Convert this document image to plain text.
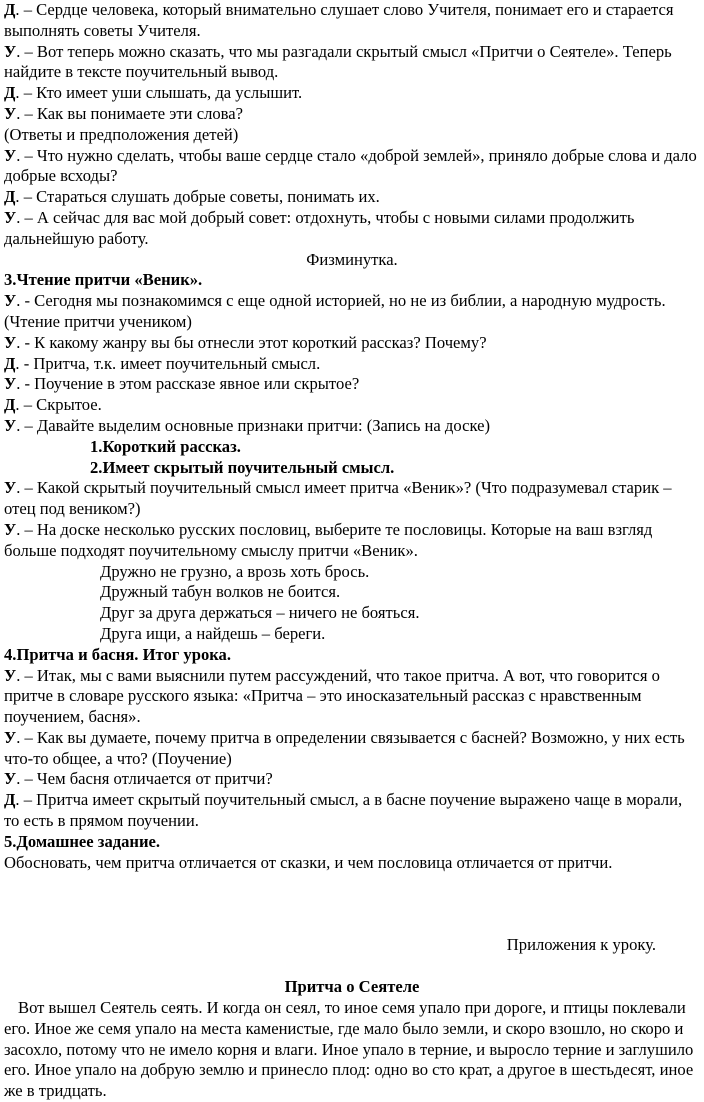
Д. – Сердце человека, который внимательно слушает слово Учителя, понимает его и старается выполнять советы Учителя.

У. – Вот теперь можно сказать, что мы разгадали скрытый смысл «Притчи о Сеятеле». Теперь найдите в тексте поучительный вывод.

Д. – Кто имеет уши слышать, да услышит.

У. – Как вы понимаете эти слова?

(Ответы и предположения детей)

У. – Что нужно сделать, чтобы ваше сердце стало «доброй землей», приняло добрые слова и дало добрые всходы?

Д. – Стараться слушать добрые советы, понимать их.

У. – А сейчас для вас мой добрый совет: отдохнуть, чтобы с новыми силами продолжить дальнейшую работу.

Физминутка.

3.Чтение притчи «Веник».

У. - Сегодня мы познакомимся с еще одной историей, но не из библии, а народную мудрость. (Чтение притчи учеником)

У. - К какому жанру вы бы отнесли этот короткий рассказ? Почему?

Д. - Притча, т.к. имеет поучительный смысл.

У. - Поучение в этом рассказе явное или скрытое?

Д. – Скрытое.

У. – Давайте выделим основные признаки притчи: (Запись на доске)

1.Короткий рассказ.

2.Имеет скрытый поучительный смысл.

У. – Какой скрытый поучительный смысл имеет притча «Веник»? (Что подразумевал старик – отец под веником?)

У. – На доске несколько русских пословиц, выберите те пословицы. Которые на ваш взгляд больше подходят поучительному смыслу притчи «Веник».

Дружно не грузно, а врозь хоть брось.

Дружный табун волков не боится.

Друг за друга держаться – ничего не бояться.

Друга ищи, а найдешь – береги.

4.Притча и басня. Итог урока.

У. – Итак, мы с вами выяснили путем рассуждений, что такое притча. А вот, что говорится о притче в словаре русского языка: «Притча – это иносказательный рассказ с нравственным поучением, басня».

У. – Как вы думаете, почему притча в определении связывается с басней? Возможно, у них есть что-то общее, а что? (Поучение)

У. – Чем басня отличается от притчи?

Д. – Притча имеет скрытый поучительный смысл, а в басне поучение выражено чаще в морали, то есть в прямом поучении.

5.Домашнее задание.

Обосновать, чем притча отличается от сказки, и чем пословица отличается от притчи.

Приложения к уроку.

Притча о Сеятеле

Вот вышел Сеятель сеять. И когда он сеял, то иное семя упало при дороге, и птицы поклевали его. Иное же семя упало на места каменистые, где мало было земли, и скоро взошло, но скоро и засохло, потому что не имело корня и влаги. Иное упало в терние, и выросло терние и заглушило его. Иное упало на добрую землю и принесло плод: одно во сто крат, а другое в шестьдесят, иное же в тридцать.
